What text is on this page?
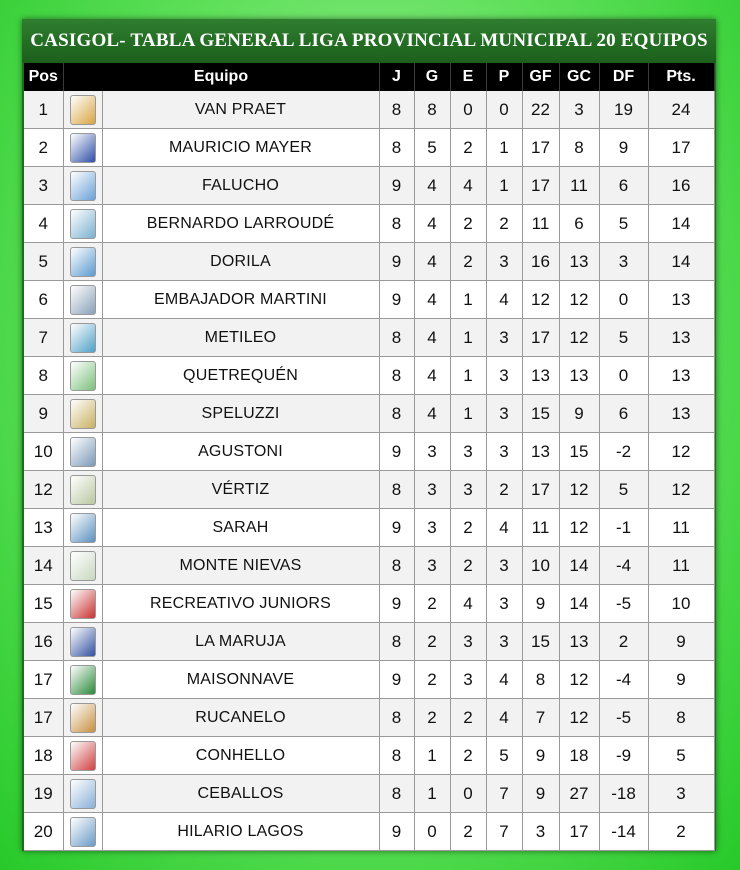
CASIGOL- TABLA GENERAL LIGA PROVINCIAL MUNICIPAL 20 EQUIPOS
Pos	Equipo		J	G	E	P	GF	GC	DF	Pts.
1		VAN PRAET	8	8	0	0	22	3	19	24
2		MAURICIO MAYER	8	5	2	1	17	8	9	17
3		FALUCHO	9	4	4	1	17	11	6	16
4		BERNARDO LARROUDÉ	8	4	2	2	11	6	5	14
5		DORILA	9	4	2	3	16	13	3	14
6		EMBAJADOR MARTINI	9	4	1	4	12	12	0	13
7		METILEO	8	4	1	3	17	12	5	13
8		QUETREQUÉN	8	4	1	3	13	13	0	13
9		SPELUZZI	8	4	1	3	15	9	6	13
10		AGUSTONI	9	3	3	3	13	15	-2	12
12		VÉRTIZ	8	3	3	2	17	12	5	12
13		SARAH	9	3	2	4	11	12	-1	11
14		MONTE NIEVAS	8	3	2	3	10	14	-4	11
15		RECREATIVO JUNIORS	9	2	4	3	9	14	-5	10
16		LA MARUJA	8	2	3	3	15	13	2	9
17		MAISONNAVE	9	2	3	4	8	12	-4	9
17		RUCANELO	8	2	2	4	7	12	-5	8
18		CONHELLO	8	1	2	5	9	18	-9	5
19		CEBALLOS	8	1	0	7	9	27	-18	3
20		HILARIO LAGOS	9	0	2	7	3	17	-14	2
